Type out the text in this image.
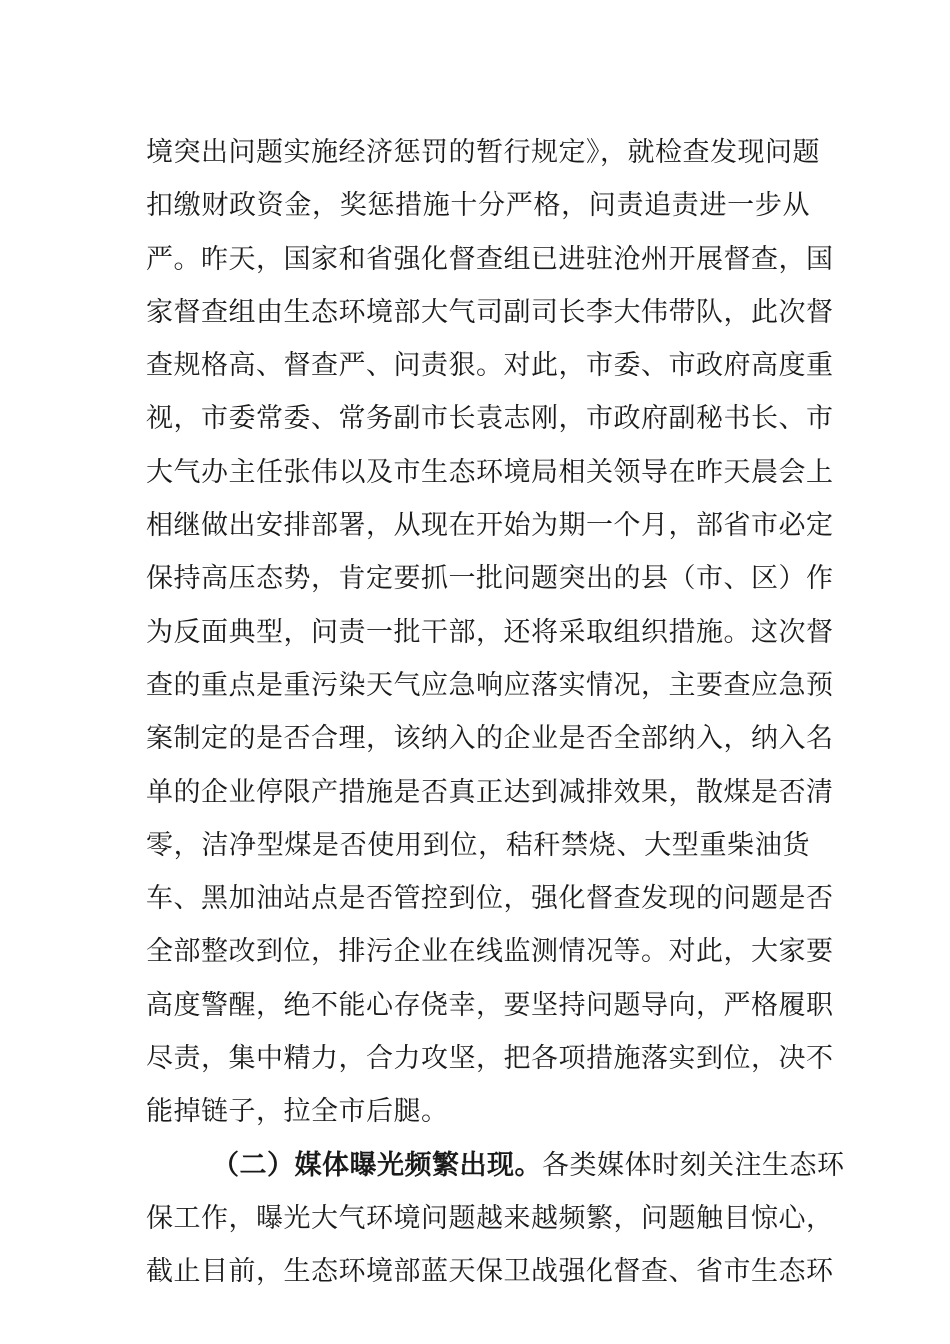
境突出问题实施经济惩罚的暂行规定》，就检查发现问题
扣缴财政资金，奖惩措施十分严格，问责追责进一步从
严。昨天，国家和省强化督查组已进驻沧州开展督查，国
家督查组由生态环境部大气司副司长李大伟带队，此次督
查规格高、督查严、问责狠。对此，市委、市政府高度重
视，市委常委、常务副市长袁志刚，市政府副秘书长、市
大气办主任张伟以及市生态环境局相关领导在昨天晨会上
相继做出安排部署，从现在开始为期一个月，部省市必定
保持高压态势，肯定要抓一批问题突出的县（市、区）作
为反面典型，问责一批干部，还将采取组织措施。这次督
查的重点是重污染天气应急响应落实情况，主要查应急预
案制定的是否合理，该纳入的企业是否全部纳入，纳入名
单的企业停限产措施是否真正达到减排效果，散煤是否清
零，洁净型煤是否使用到位，秸秆禁烧、大型重柴油货
车、黑加油站点是否管控到位，强化督查发现的问题是否
全部整改到位，排污企业在线监测情况等。对此，大家要
高度警醒，绝不能心存侥幸，要坚持问题导向，严格履职
尽责，集中精力，合力攻坚，把各项措施落实到位，决不
能掉链子，拉全市后腿。
（二）媒体曝光频繁出现。各类媒体时刻关注生态环
保工作，曝光大气环境问题越来越频繁，问题触目惊心，
截止目前，生态环境部蓝天保卫战强化督查、省市生态环
